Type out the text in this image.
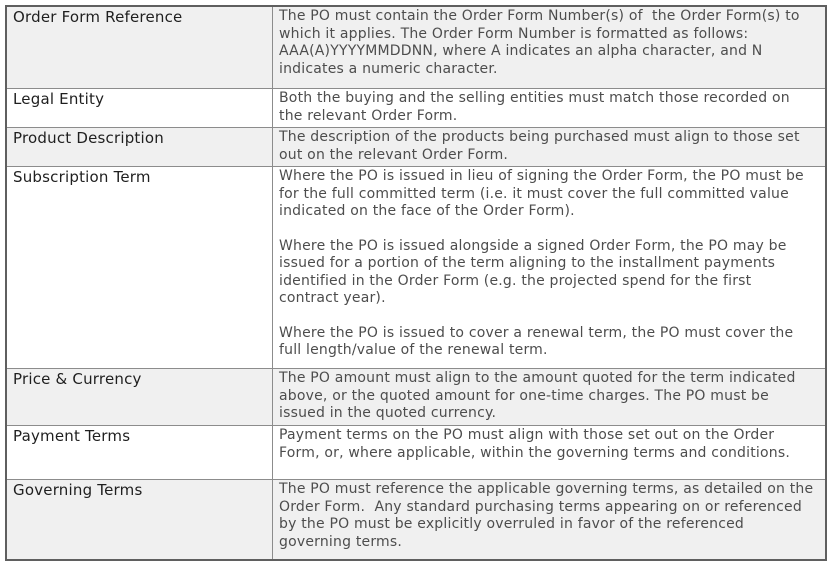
Order Form Reference	The PO must contain the Order Form Number(s) of  the Order Form(s) to which it applies. The Order Form Number is formatted as follows: AAA(A)YYYYMMDDNN, where A indicates an alpha character, and N indicates a numeric character.

Legal Entity	Both the buying and the selling entities must match those recorded on the relevant Order Form.

Product Description	The description of the products being purchased must align to those set out on the relevant Order Form.

Subscription Term	Where the PO is issued in lieu of signing the Order Form, the PO must be for the full committed term (i.e. it must cover the full committed value indicated on the face of the Order Form).

Where the PO is issued alongside a signed Order Form, the PO may be issued for a portion of the term aligning to the installment payments identified in the Order Form (e.g. the projected spend for the first contract year).

Where the PO is issued to cover a renewal term, the PO must cover the full length/value of the renewal term.

Price & Currency	The PO amount must align to the amount quoted for the term indicated above, or the quoted amount for one-time charges. The PO must be issued in the quoted currency.

Payment Terms	Payment terms on the PO must align with those set out on the Order Form, or, where applicable, within the governing terms and conditions.

Governing Terms	The PO must reference the applicable governing terms, as detailed on the Order Form.  Any standard purchasing terms appearing on or referenced by the PO must be explicitly overruled in favor of the referenced governing terms.
